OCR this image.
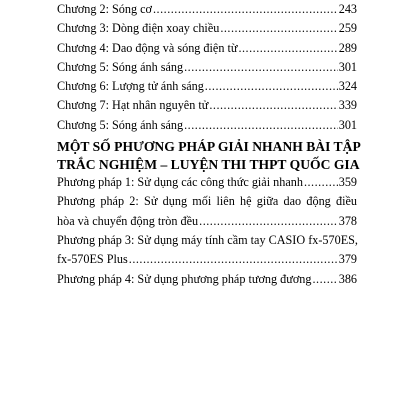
Chương 2: Sóng cơ .....	243
Chương 3: Dòng điện xoay chiều .....	259
Chương 4: Dao động và sóng điện từ .....	289
Chương 5: Sóng ánh sáng .....	301
Chương 6: Lượng tử ánh sáng .....	324
Chương 7: Hạt nhân nguyên tử .....	339
Chương 5: Sóng ánh sáng .....	301
MỘT SỐ PHƯƠNG PHÁP GIẢI NHANH BÀI TẬP
TRẮC NGHIỆM – LUYỆN THI THPT QUỐC GIA
Phương pháp 1: Sử dụng các công thức giải nhanh .....	359
Phương pháp 2: Sử dụng mối liên hệ giữa dao động điều
hòa và chuyển động tròn đều .....	378
Phương pháp 3: Sử dụng máy tính cầm tay CASIO fx-570ES,
fx-570ES Plus .....	379
Phương pháp 4: Sử dụng phương pháp tương đương ..... 386
